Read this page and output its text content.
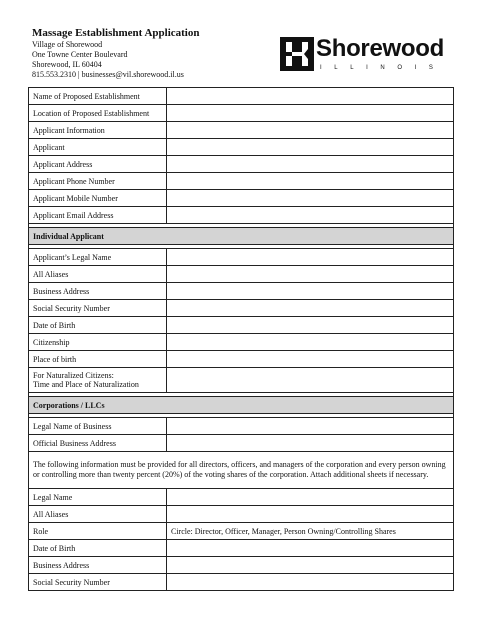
Massage Establishment Application
Village of Shorewood
One Towne Center Boulevard
Shorewood, IL 60404
815.553.2310 | businesses@vil.shorewood.il.us
Shorewood
ILLINOIS
Name of Proposed Establishment	
Location of Proposed Establishment	
Applicant Information	
Applicant	
Applicant Address	
Applicant Phone Number	
Applicant Mobile Number	
Applicant Email Address	

Individual Applicant	

Applicant’s Legal Name	
All Aliases	
Business Address	
Social Security Number	
Date of Birth	
Citizenship	
Place of birth	
For Naturalized Citizens:
Time and Place of Naturalization	

Corporations / LLCs	

Legal Name of Business	
Official Business Address	
The following information must be provided for all directors, officers, and managers of the corporation and every person owning or controlling more than twenty percent (20%) of the voting shares of the corporation. Attach additional sheets if necessary.	
Legal Name	
All Aliases	
Role	Circle: Director, Officer, Manager, Person Owning/Controlling Shares
Date of Birth	
Business Address	
Social Security Number	
